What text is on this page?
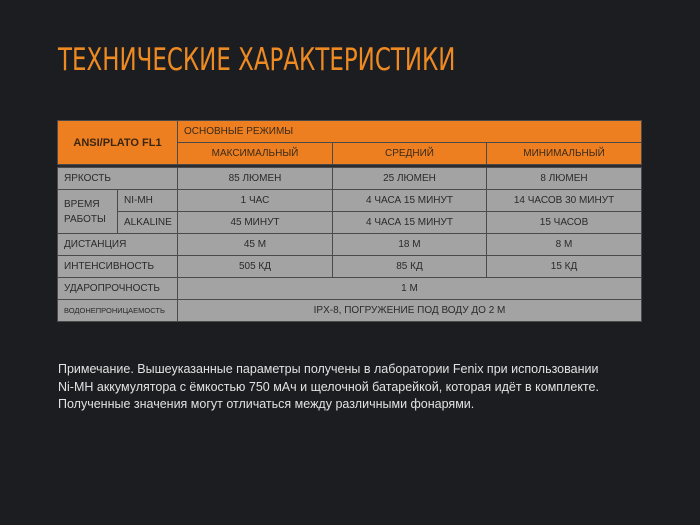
ТЕХНИЧЕСКИЕ ХАРАКТЕРИСТИКИ
ANSI/PLATO FL1		ОСНОВНЫЕ РЕЖИМЫ		
		МАКСИМАЛЬНЫЙ	СРЕДНИЙ	МИНИМАЛЬНЫЙ

ЯРКОСТЬ		85 ЛЮМЕН	25 ЛЮМЕН	8 ЛЮМЕН
ВРЕМЯ
РАБОТЫ	NI-MH	1 ЧАС	4 ЧАСА 15 МИНУТ	14 ЧАСОВ 30 МИНУТ
	ALKALINE	45 МИНУТ	4 ЧАСА 15 МИНУТ	15 ЧАСОВ
ДИСТАНЦИЯ		45 М	18 М	8 М
ИНТЕНСИВНОСТЬ		505 КД	85 КД	15 КД
УДАРОПРОЧНОСТЬ		1 М		
ВОДОНЕПРОНИЦАЕМОСТЬ		IPX-8, ПОГРУЖЕНИЕ ПОД ВОДУ ДО 2 М		
Примечание. Вышеуказанные параметры получены в лаборатории Fenix при использовании
Ni-MH аккумулятора с ёмкостью 750 мАч и щелочной батарейкой, которая идёт в комплекте.
Полученные значения могут отличаться между различными фонарями.
